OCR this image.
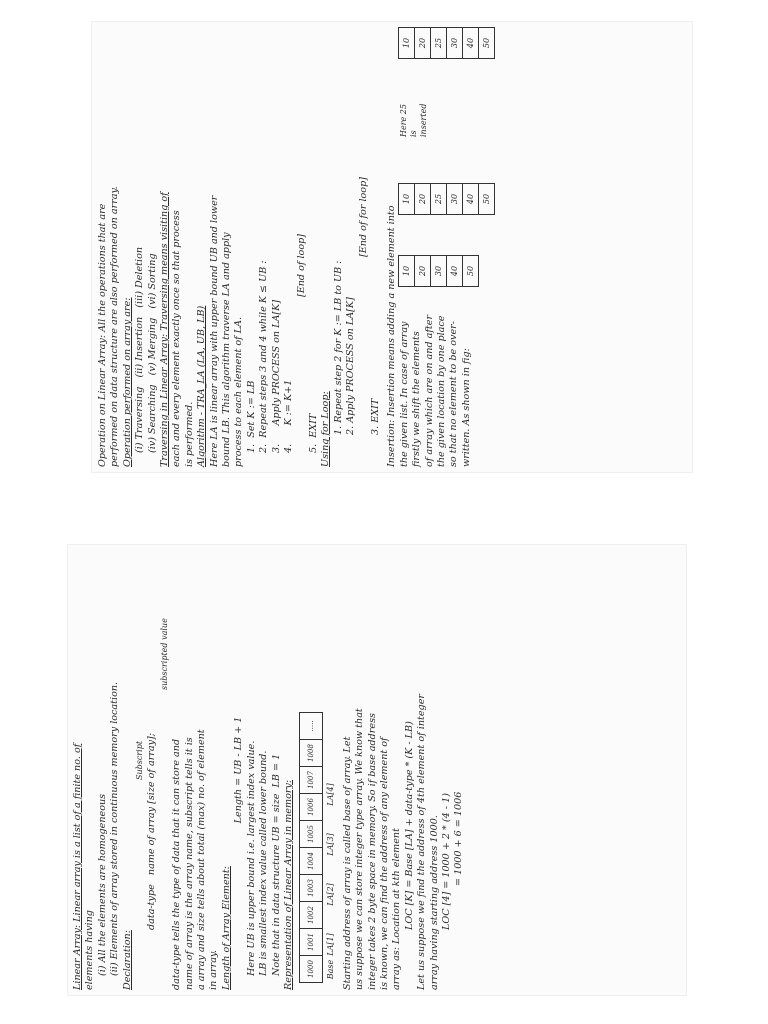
Linear Array: Linear array is a list of a finite no. of elements having (i) All the elements are homogeneous (ii) Elements of array stored in continuous memory location. Declaration:
Subscript data-type   name of array [size of array];
subscripted value
data-type tells the type of data that it can store and name of array is the array name, subscript tells it is a array and size tells about total (max) no. of element in array. Length of Array Element:
Length = UB - LB + 1 Here UB is upper bound i.e. largest index value. LB is smallest index value called lower bound. Note that in data structure UB = size  LB = 1 Representation of Linear Array in memory:	1000
1001
1002
1003
1004
1005
1006
1007
1008
.....
Base
LA[1]
LA[2]
LA[3]
LA[4] Starting address of array is called base of array. Let us suppose we can store integer type array. We know that integer takes 2 byte space in memory. So if base address is known, we can find the address of any element of array as: Location at kth element LOC [K] = Base [LA] + data-type * (K - LB) Let us suppose we find the address of 4th element of integer array having starting address 1000. LOC [4] = 1000 + 2 * (4 - 1) = 1000 + 6 = 1006
Operation on Linear Array: All the operations that are performed on data structure are also performed on array. Operation performed on array are: (i) Traversing   (ii) Insertion   (iii) Deletion (iv) Searching   (v) Merging   (vi) Sorting Traversing in Linear Array: Traversing means visiting of each and every element exactly once so that process is performed. Algorithm - TRA_LA (LA, UB, LB) Here LA is linear array with upper bound UB and lower bound LB. This algorithm traverse LA and apply process to each element of LA. 1.  Set K := LB 2.  Repeat steps 3 and 4 while K ≤ UB : 3.      Apply PROCESS on LA[K] 4.      K := K+1
[End of loop]
5.  EXIT Using for Loop: 1. Repeat step 2 for K := LB to UB : 2. Apply PROCESS on LA[K]
[End of for loop]
3. EXIT Insertion: Insertion means adding a new element into the given list. In case of array firstly we shift the elements of array which are on and after the given location by one place so that no element to be over- written. As shown in fig:
10 20 30 40 50
10 20 25 30 40 50
Here 25 is inserted
10 20 25 30 40 50
